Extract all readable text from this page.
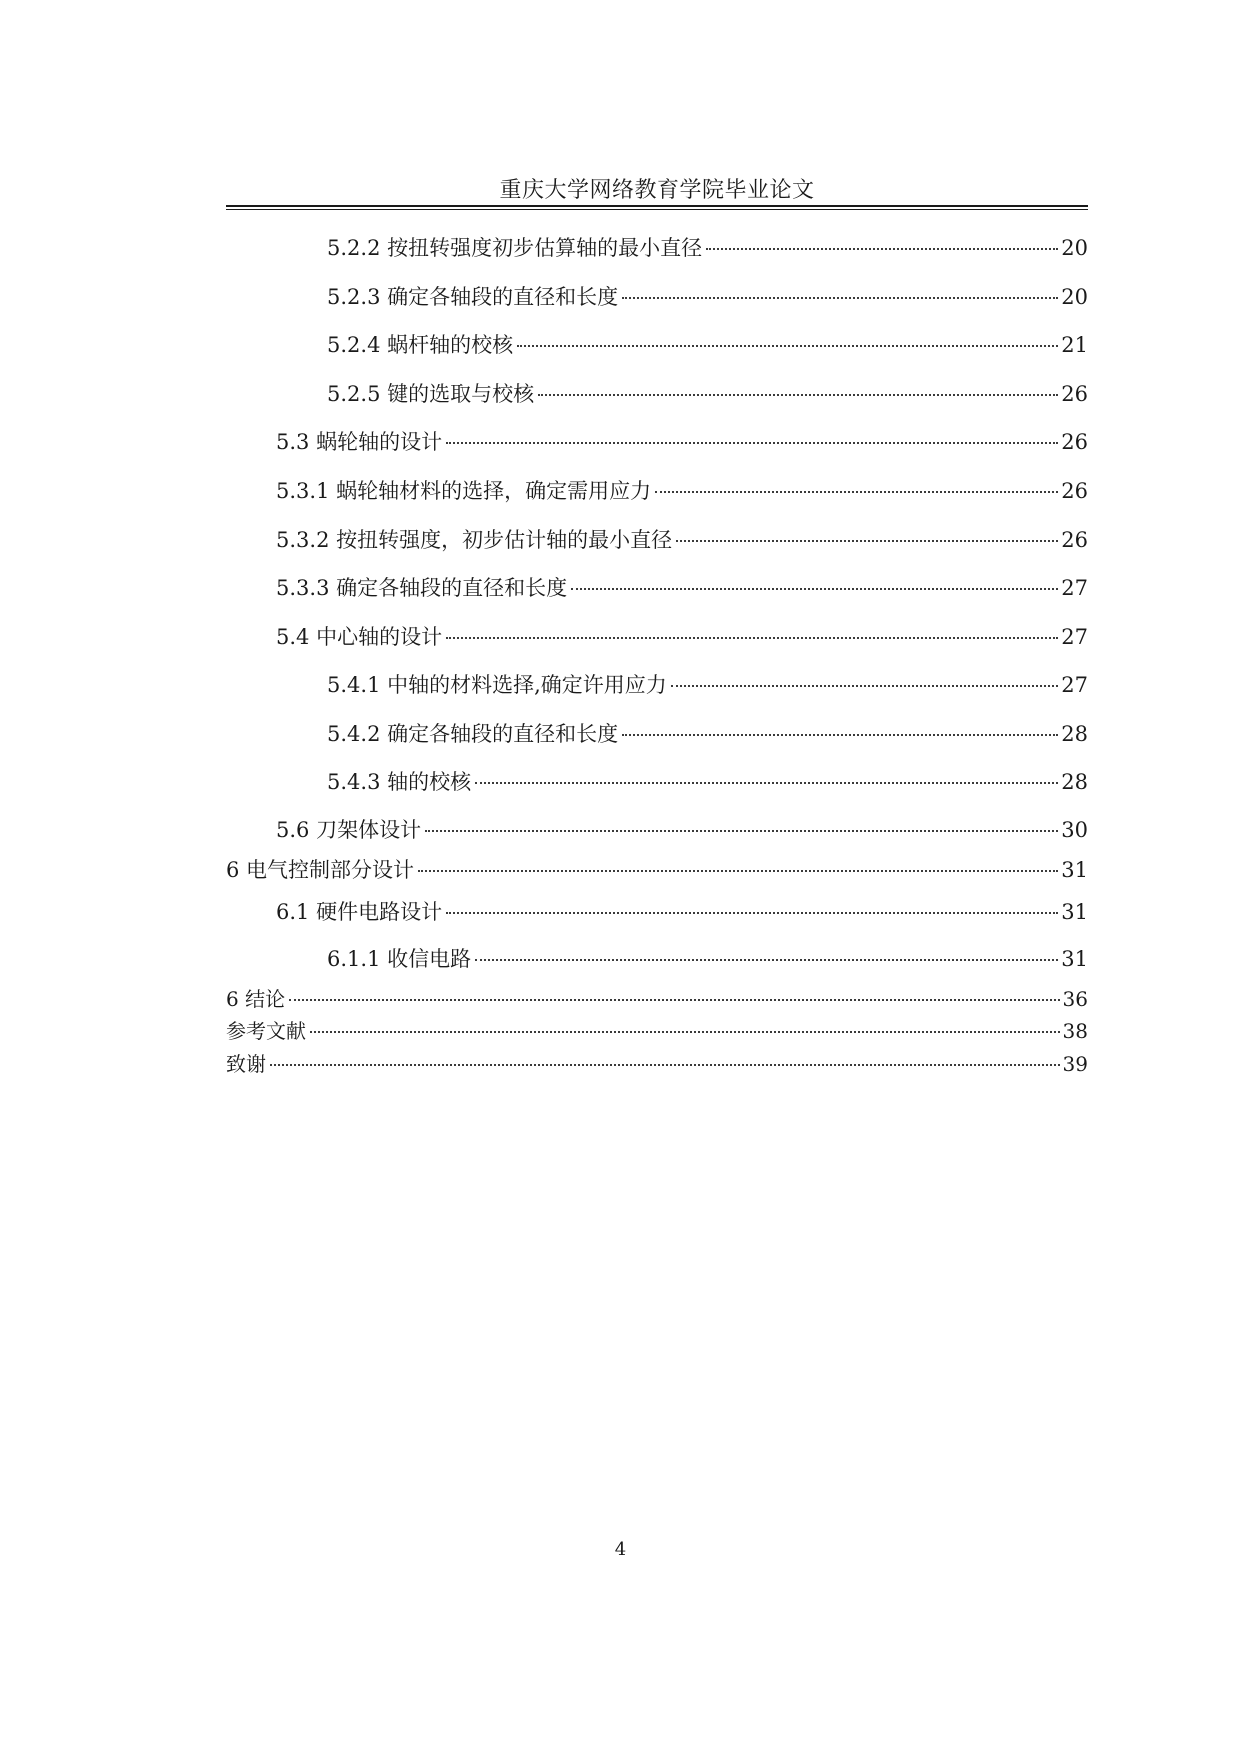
重庆大学网络教育学院毕业论文
5.2.2 按扭转强度初步估算轴的最小直径	20
5.2.3 确定各轴段的直径和长度	20
5.2.4 蜗杆轴的校核	21
5.2.5 键的选取与校核	26
5.3 蜗轮轴的设计	26
5.3.1 蜗轮轴材料的选择，确定需用应力	26
5.3.2 按扭转强度，初步估计轴的最小直径	26
5.3.3 确定各轴段的直径和长度	27
5.4 中心轴的设计	27
5.4.1 中轴的材料选择,确定许用应力	27
5.4.2 确定各轴段的直径和长度	28
5.4.3 轴的校核	28
5.6 刀架体设计	30
6 电气控制部分设计	31
6.1 硬件电路设计	31
6.1.1 收信电路	31
6 结论	36
参考文献	38
致谢	39
4
